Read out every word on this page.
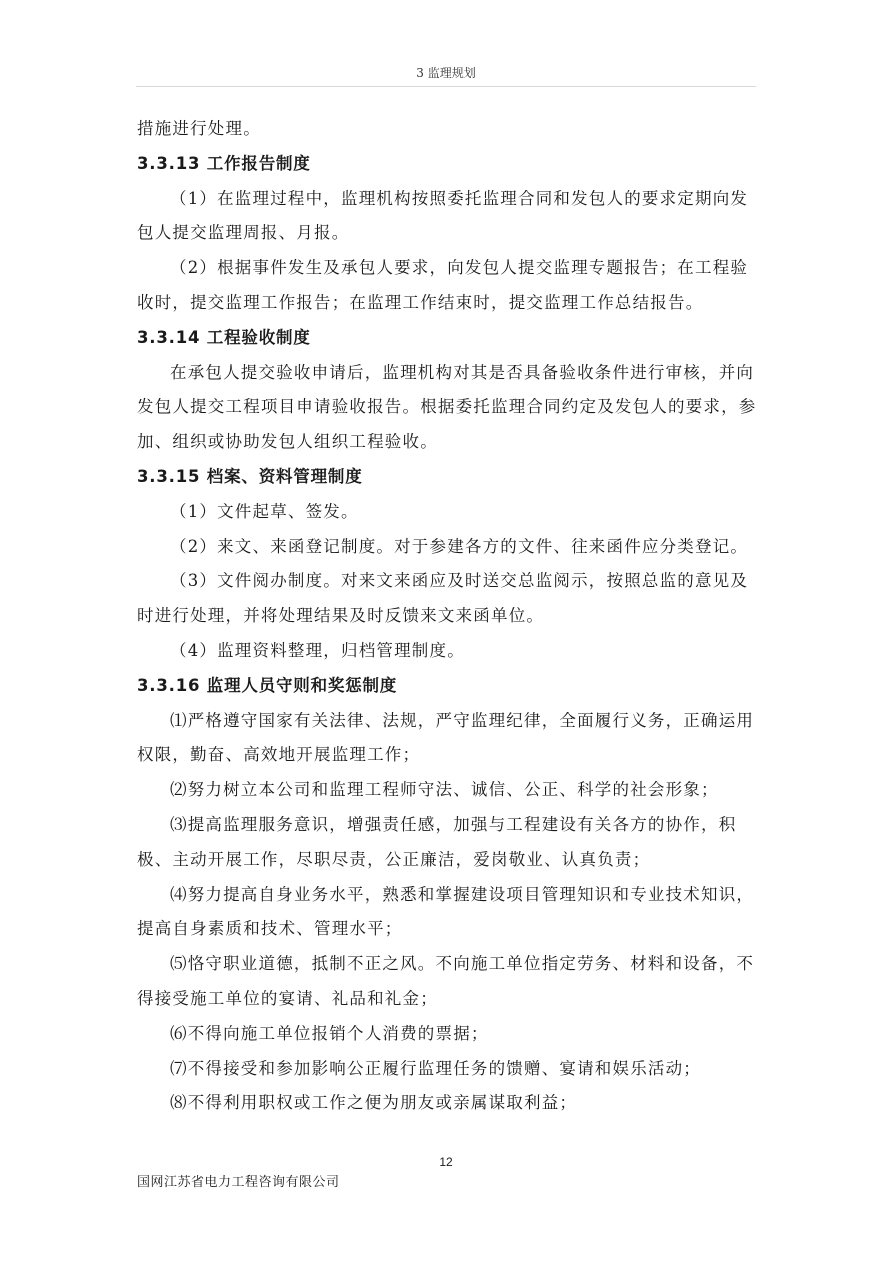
3 监理规划

措施进行处理。

3.3.13 工作报告制度

（1）在监理过程中，监理机构按照委托监理合同和发包人的要求定期向发包人提交监理周报、月报。

（2）根据事件发生及承包人要求，向发包人提交监理专题报告；在工程验收时，提交监理工作报告；在监理工作结束时，提交监理工作总结报告。

3.3.14 工程验收制度

在承包人提交验收申请后，监理机构对其是否具备验收条件进行审核，并向发包人提交工程项目申请验收报告。根据委托监理合同约定及发包人的要求，参加、组织或协助发包人组织工程验收。

3.3.15 档案、资料管理制度

（1）文件起草、签发。

（2）来文、来函登记制度。对于参建各方的文件、往来函件应分类登记。

（3）文件阅办制度。对来文来函应及时送交总监阅示，按照总监的意见及时进行处理，并将处理结果及时反馈来文来函单位。

（4）监理资料整理，归档管理制度。

3.3.16 监理人员守则和奖惩制度

⑴严格遵守国家有关法律、法规，严守监理纪律，全面履行义务，正确运用权限，勤奋、高效地开展监理工作；

⑵努力树立本公司和监理工程师守法、诚信、公正、科学的社会形象；

⑶提高监理服务意识，增强责任感，加强与工程建设有关各方的协作，积极、主动开展工作，尽职尽责，公正廉洁，爱岗敬业、认真负责；

⑷努力提高自身业务水平，熟悉和掌握建设项目管理知识和专业技术知识，提高自身素质和技术、管理水平；

⑸恪守职业道德，抵制不正之风。不向施工单位指定劳务、材料和设备，不得接受施工单位的宴请、礼品和礼金；

⑹不得向施工单位报销个人消费的票据；

⑺不得接受和参加影响公正履行监理任务的馈赠、宴请和娱乐活动；

⑻不得利用职权或工作之便为朋友或亲属谋取利益；

12
国网江苏省电力工程咨询有限公司
